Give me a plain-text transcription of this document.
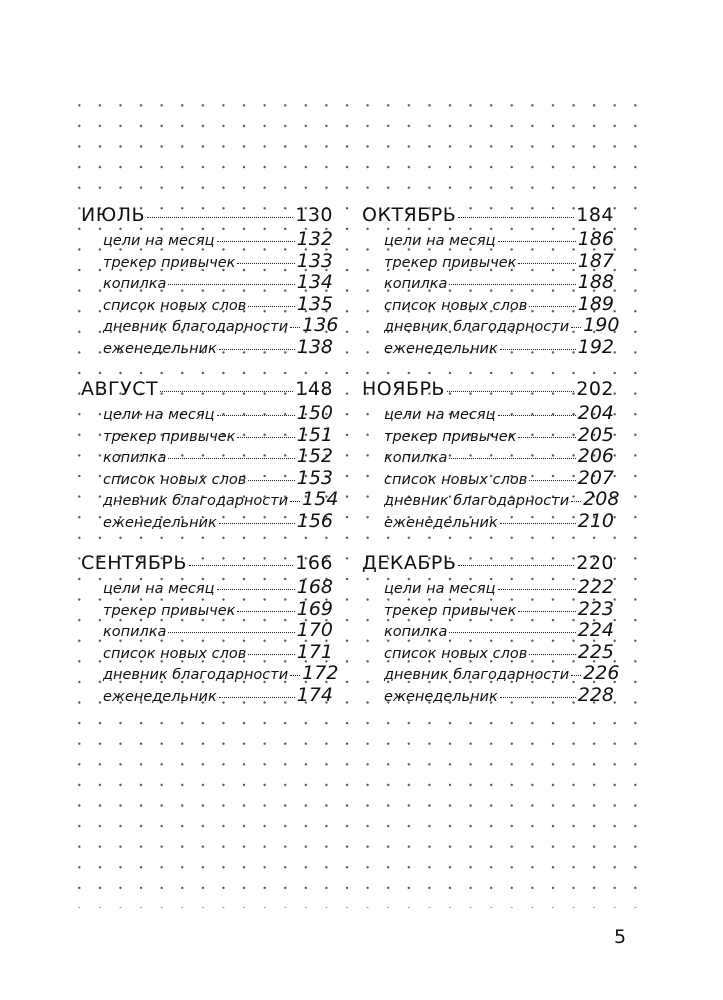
ИЮЛЬ	130
цели на месяц	132
трекер привычек	133
копилка	134
список новых слов	135
дневник благодарности 136
еженедельник	138
АВГУСТ	148
цели на месяц	150
трекер привычек	151
копилка	152
список новых слов	153
дневник благодарности 154
еженедельник	156
СЕНТЯБРЬ	166
цели на месяц	168
трекер привычек	169
копилка	170
список новых слов	171
дневник благодарности 172
еженедельник	174
ОКТЯБРЬ	184
цели на месяц	186
трекер привычек	187
копилка	188
список новых слов	189
дневник благодарности 190
еженедельник	192
НОЯБРЬ	202
цели на месяц	204
трекер привычек	205
копилка	206
список новых слов	207
дневник благодарности 208
еженедельник	210
ДЕКАБРЬ	220
цели на месяц	222
трекер привычек	223
копилка	224
список новых слов	225
дневник благодарности 226
еженедельник	228
5
